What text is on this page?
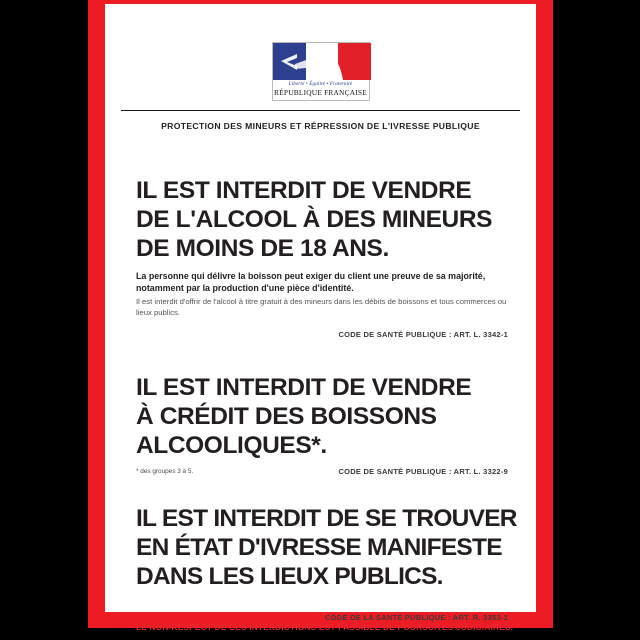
Liberté • Égalité • Fraternité
RÉPUBLIQUE FRANÇAISE
PROTECTION DES MINEURS ET RÉPRESSION DE L'IVRESSE PUBLIQUE
IL EST INTERDIT DE VENDRE
DE L'ALCOOL À DES MINEURS
DE MOINS DE 18 ANS.
La personne qui délivre la boisson peut exiger du client une preuve de sa majorité, notamment par la production d'une pièce d'identité.
Il est interdit d'offrir de l'alcool à titre gratuit à des mineurs dans les débits de boissons et tous commerces ou lieux publics.
CODE DE SANTÉ PUBLIQUE : ART. L. 3342-1
IL EST INTERDIT DE VENDRE
À CRÉDIT DES BOISSONS
ALCOOLIQUES*.
* des groupes 3 à 5.	CODE DE SANTÉ PUBLIQUE : ART. L. 3322-9
IL EST INTERDIT DE SE TROUVER
EN ÉTAT D'IVRESSE MANIFESTE
DANS LES LIEUX PUBLICS.
CODE DE LA SANTÉ PUBLIQUE : ART. R. 3353-1
LE NON-RESPECT DE CES INTERDICTIONS EST PASSIBLE DE POURSUITES JUDICIAIRES.
